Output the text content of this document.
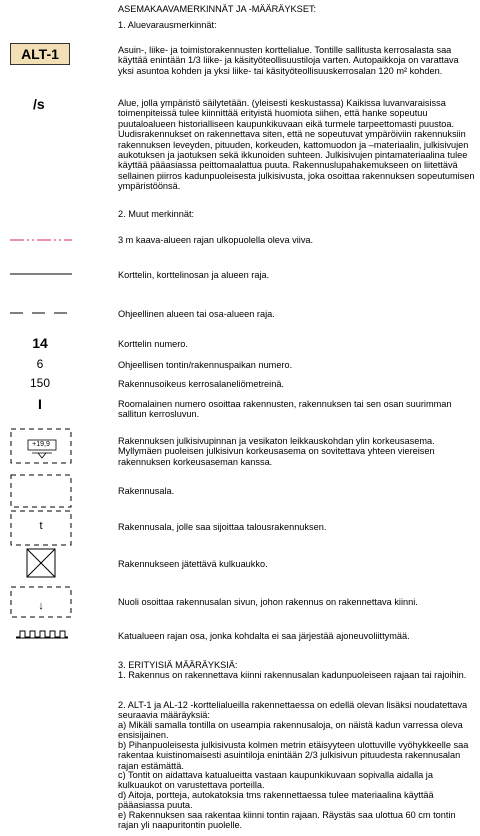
ASEMAKAAVAMERKINNÄT JA -MÄÄRÄYKSET:
1. Aluevarausmerkinnät:
ALT-1	Asuin-, liike- ja toimistorakennusten korttelialue. Tontille sallitusta kerrosalasta saa käyttää enintään 1/3 liike- ja käsityöteollisuustiloja varten. Autopaikkoja on varattava yksi asuntoa kohden ja yksi liike- tai käsityöteollisuuskerrosalan 120 m² kohden.
/s	Alue, jolla ympäristö säilytetään. (yleisesti keskustassa) Kaikissa luvanvaraisissa toimenpiteissä tulee kiinnittää erityistä huomiota siihen, että hanke sopeutuu puutaloalueen historialliseen kaupunkikuvaan eikä turmele tarpeettomasti puustoa. Uudisrakennukset on rakennettava siten, että ne sopeutuvat ympäröiviin rakennuksiin rakennuksen leveyden, pituuden, korkeuden, kattomuodon ja –materiaalin, julkisivujen aukotuksen ja jaotuksen sekä ikkunoiden suhteen. Julkisivujen pintamateriaalina tulee käyttää pääasiassa peittomaalattua puuta. Rakennuslupahakemukseen on liitettävä sellainen piirros kadunpuoleisesta julkisivusta, joka osoittaa rakennuksen sopeutumisen ympäristöönsä.
2. Muut merkinnät:
3 m kaava-alueen rajan ulkopuolella oleva viiva.
Korttelin, korttelinosan ja alueen raja.
Ohjeellinen alueen tai osa-alueen raja.
14	Korttelin numero.
6	Ohjeellisen tontin/rakennuspaikan numero.
150	Rakennusoikeus kerrosalaneliömetreinä.
I	Roomalainen numero osoittaa rakennusten, rakennuksen tai sen osan suurimman sallitun kerrosluvun.
+19,9	Rakennuksen julkisivupinnan ja vesikaton leikkauskohdan ylin korkeusasema. Myllymäen puoleisen julkisivun korkeusasema on sovitettava yhteen viereisen rakennuksen korkeusaseman kanssa.
Rakennusala.
t	Rakennusala, jolle saa sijoittaa talousrakennuksen.
Rakennukseen jätettävä kulkuaukko.
↓	Nuoli osoittaa rakennusalan sivun, johon rakennus on rakennettava kiinni.
Katualueen rajan osa, jonka kohdalta ei saa järjestää ajoneuvoliittymää.
3. ERITYISIÄ MÄÄRÄYKSIÄ:
1. Rakennus on rakennettava kiinni rakennusalan kadunpuoleiseen rajaan tai rajoihin.
2. ALT-1 ja AL-12 -korttelialueilla rakennettaessa on edellä olevan lisäksi noudatettava seuraavia määräyksiä:
a) Mikäli samalla tontilla on useampia rakennusaloja, on näistä kadun varressa oleva ensisijainen.
b) Pihanpuoleisesta julkisivusta kolmen metrin etäisyyteen ulottuville vyöhykkeelle saa rakentaa kuistinomaisesti asuintiloja enintään 2/3 julkisivun pituudesta rakennusalan rajan estämättä.
c) Tontit on aidattava katualueitta vastaan kaupunkikuvaan sopivalla aidalla ja kulkuaukot on varustettava porteilla.
d) Aitoja, portteja, autokatoksia tms rakennettaessa tulee materiaalina käyttää pääasiassa puuta.
e) Rakennuksen saa rakentaa kiinni tontin rajaan. Räystäs saa ulottua 60 cm tontin rajan yli naapuritontin puolelle.
